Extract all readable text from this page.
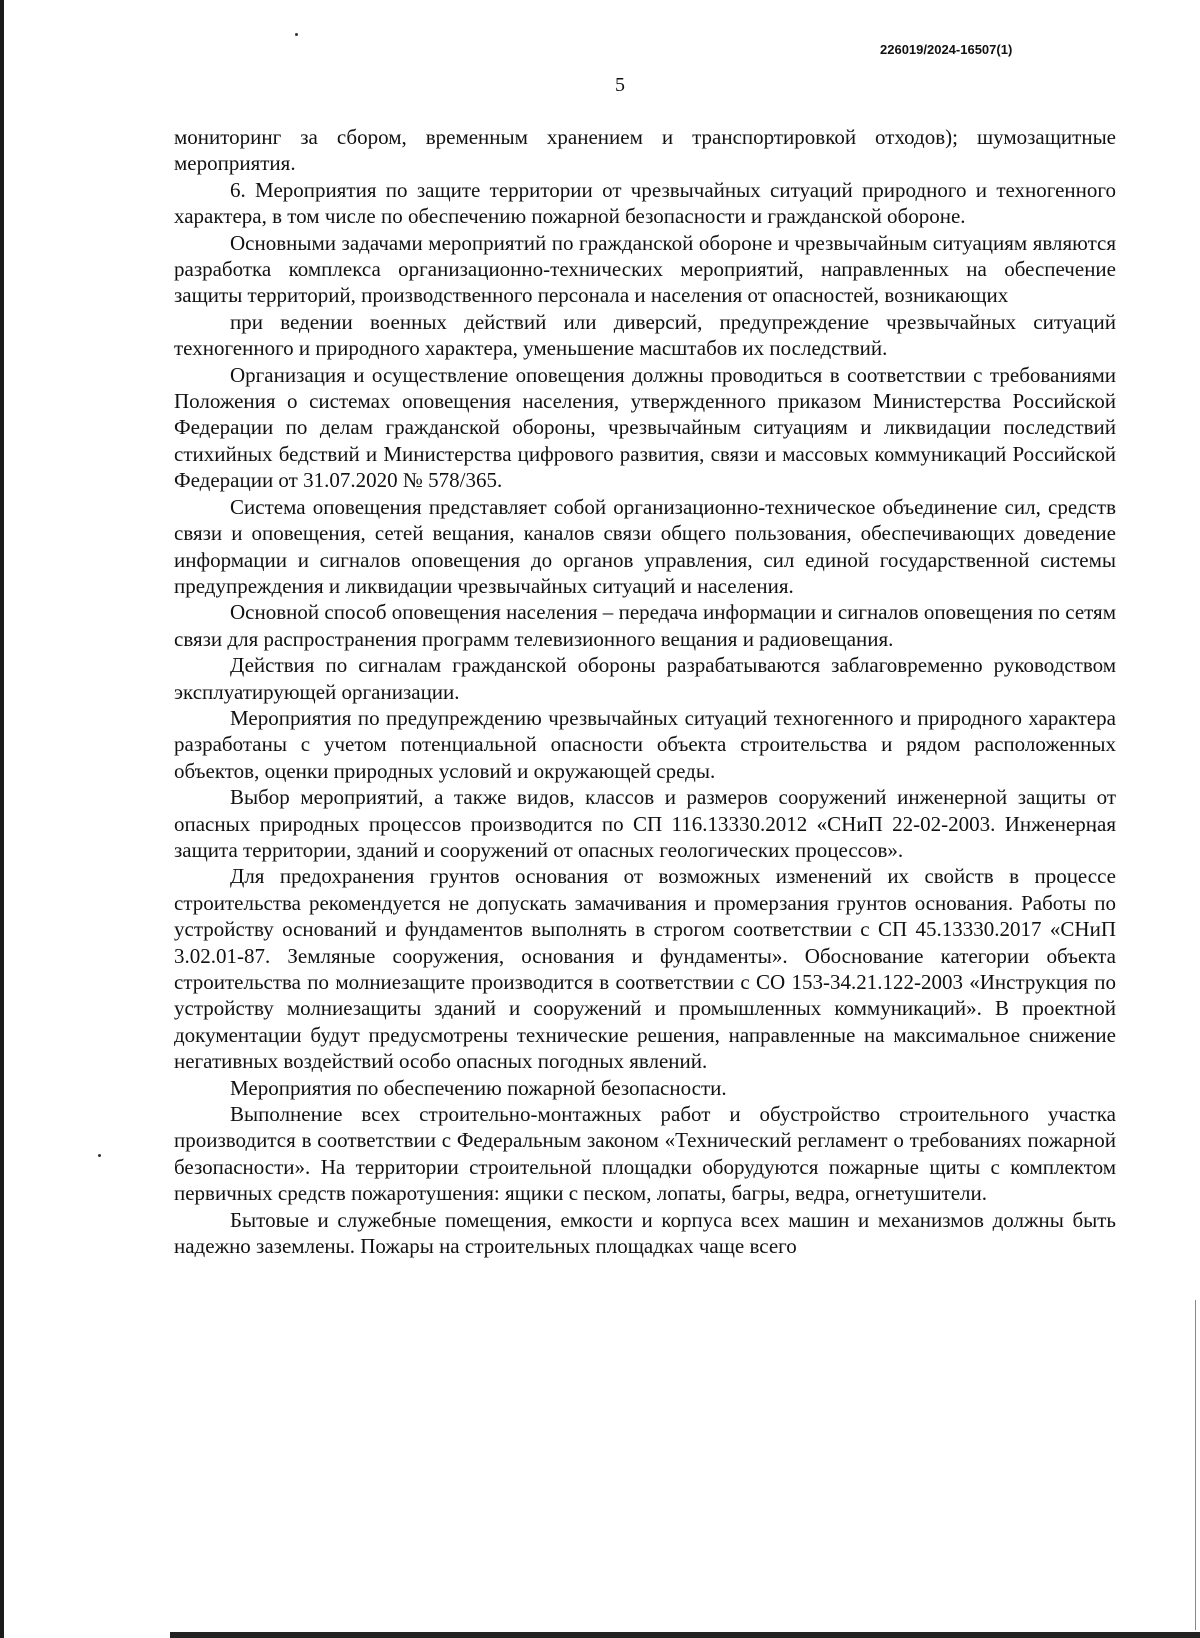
226019/2024-16507(1)
5

мониторинг за сбором, временным хранением и транспортировкой отходов); шумозащитные мероприятия.

6. Мероприятия по защите территории от чрезвычайных ситуаций природного и техногенного характера, в том числе по обеспечению пожарной безопасности и гражданской обороне.

Основными задачами мероприятий по гражданской обороне и чрезвычайным ситуациям являются разработка комплекса организационно-технических мероприятий, направленных на обеспечение защиты территорий, производственного персонала и населения от опасностей, возникающих

при ведении военных действий или диверсий, предупреждение чрезвычайных ситуаций техногенного и природного характера, уменьшение масштабов их последствий.

Организация и осуществление оповещения должны проводиться в соответствии с требованиями Положения о системах оповещения населения, утвержденного приказом Министерства Российской Федерации по делам гражданской обороны, чрезвычайным ситуациям и ликвидации последствий стихийных бедствий и Министерства цифрового развития, связи и массовых коммуникаций Российской Федерации от 31.07.2020 № 578/365.

Система оповещения представляет собой организационно-техническое объединение сил, средств связи и оповещения, сетей вещания, каналов связи общего пользования, обеспечивающих доведение информации и сигналов оповещения до органов управления, сил единой государственной системы предупреждения и ликвидации чрезвычайных ситуаций и населения.

Основной способ оповещения населения – передача информации и сигналов оповещения по сетям связи для распространения программ телевизионного вещания и радиовещания.

Действия по сигналам гражданской обороны разрабатываются заблаговременно руководством эксплуатирующей организации.

Мероприятия по предупреждению чрезвычайных ситуаций техногенного и природного характера разработаны с учетом потенциальной опасности объекта строительства и рядом расположенных объектов, оценки природных условий и окружающей среды.

Выбор мероприятий, а также видов, классов и размеров сооружений инженерной защиты от опасных природных процессов производится по СП 116.13330.2012 «СНиП 22-02-2003. Инженерная защита территории, зданий и сооружений от опасных геологических процессов».

Для предохранения грунтов основания от возможных изменений их свойств в процессе строительства рекомендуется не допускать замачивания и промерзания грунтов основания. Работы по устройству оснований и фундаментов выполнять в строгом соответствии с СП 45.13330.2017 «СНиП 3.02.01-87. Земляные сооружения, основания и фундаменты». Обоснование категории объекта строительства по молниезащите производится в соответствии с СО 153-34.21.122-2003 «Инструкция по устройству молниезащиты зданий и сооружений и промышленных коммуникаций». В проектной документации будут предусмотрены технические решения, направленные на максимальное снижение негативных воздействий особо опасных погодных явлений.

Мероприятия по обеспечению пожарной безопасности.

Выполнение всех строительно-монтажных работ и обустройство строительного участка производится в соответствии с Федеральным законом «Технический регламент о требованиях пожарной безопасности». На территории строительной площадки оборудуются пожарные щиты с комплектом первичных средств пожаротушения: ящики с песком, лопаты, багры, ведра, огнетушители.

Бытовые и служебные помещения, емкости и корпуса всех машин и механизмов должны быть надежно заземлены. Пожары на строительных площадках чаще всего
